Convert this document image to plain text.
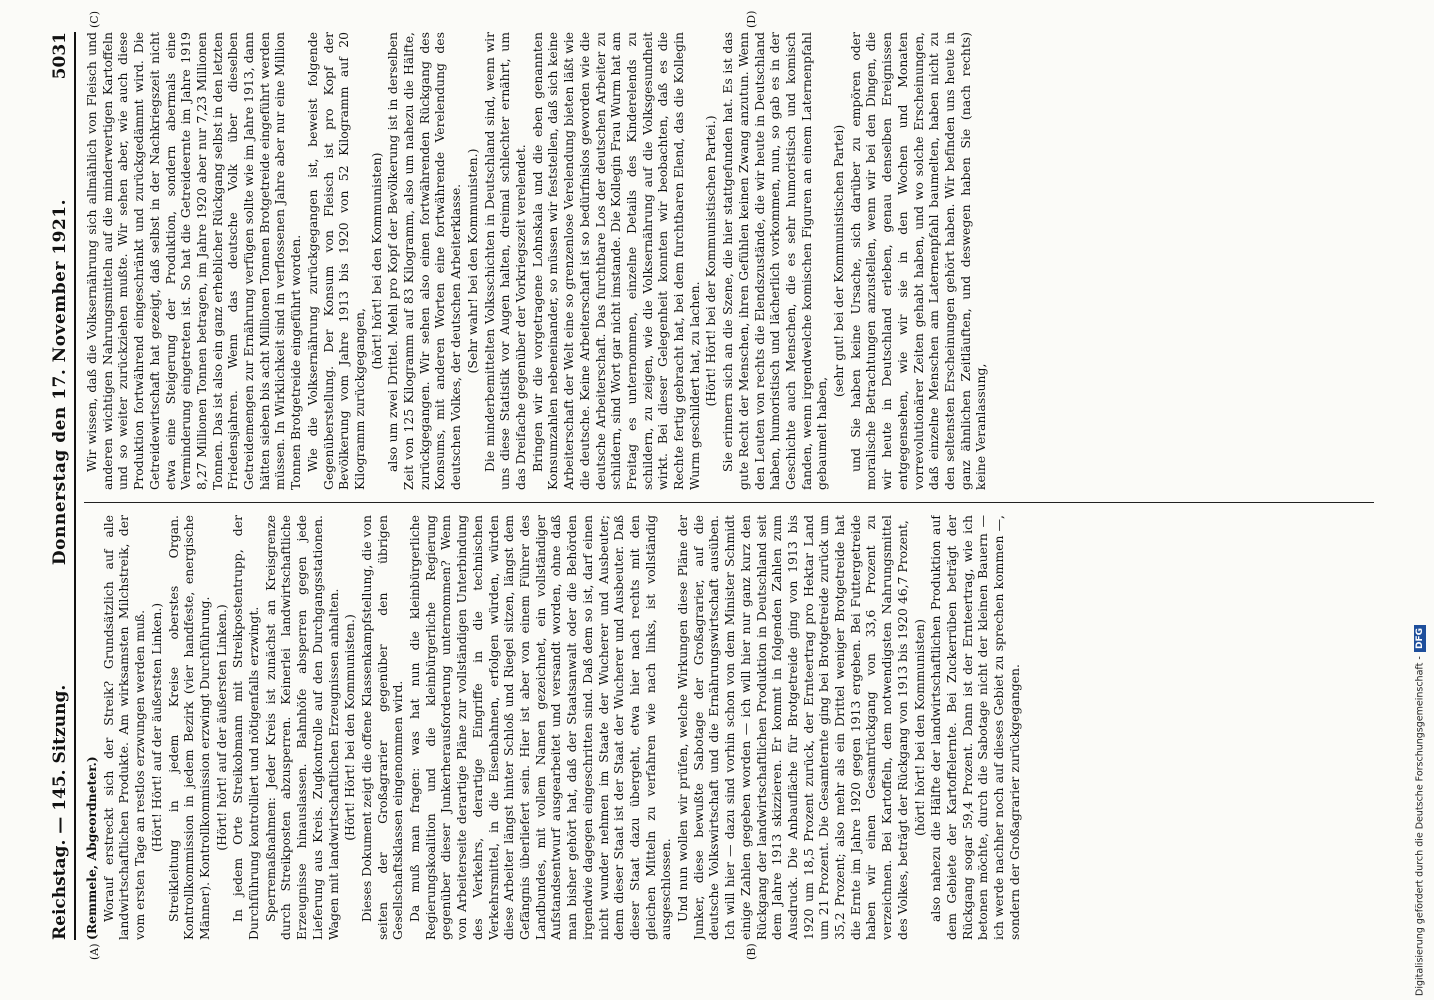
Reichstag. — 145. Sitzung.
Donnerstag den 17. November 1921.
5031
(A)	(B)
(C)	(D)

(Remmele, Abgeordneter.) Worauf erstreckt sich der Streik? Grundsätzlich auf alle landwirtschaftlichen Produkte. Am wirksamsten Milchstreik, der vom ersten Tage an restlos erzwungen werden muß. (Hört! Hört! auf der äußersten Linken.) Streikleitung in jedem Kreise oberstes Organ. Kontrollkommission in jedem Bezirk (vier handfeste, energische Männer). Kontrollkommission erzwingt Durchführung. (Hört! hört! auf der äußersten Linken.) In jedem Orte Streikobmann mit Streikpostentrupp, der Durchführung kontrolliert und nötigenfalls erzwingt. Sperremaßnahmen: Jeder Kreis ist zunächst an Kreisgrenze durch Streikposten abzusperren. Keinerlei landwirtschaftliche Erzeugnisse hinauslassen. Bahnhöfe absperren gegen jede Lieferung aus Kreis. Zugkontrolle auf den Durchgangsstationen. Wagen mit landwirtschaftlichen Erzeugnissen anhalten. (Hört! Hört! bei den Kommunisten.) Dieses Dokument zeigt die offene Klassenkampfstellung, die von seiten der Großagrarier gegenüber den übrigen Gesellschaftsklassen eingenommen wird. Da muß man fragen: was hat nun die kleinbürgerliche Regierungskoalition und die kleinbürgerliche Regierung gegenüber dieser Junkerherausforderung unternommen? Wenn von Arbeiterseite derartige Pläne zur vollständigen Unterbindung des Verkehrs, derartige Eingriffe in die technischen Verkehrsmittel, in die Eisenbahnen, erfolgen würden, würden diese Arbeiter längst hinter Schloß und Riegel sitzen, längst dem Gefängnis überliefert sein. Hier ist aber von einem Führer des Landbundes, mit vollem Namen gezeichnet, ein vollständiger Aufstandsentwurf ausgearbeitet und versandt worden, ohne daß man bisher gehört hat, daß der Staatsanwalt oder die Behörden irgendwie dagegen eingeschritten sind. Daß dem so ist, darf einen nicht wunder nehmen im Staate der Wucherer und Ausbeuter; denn dieser Staat ist der Staat der Wucherer und Ausbeuter. Daß dieser Staat dazu übergeht, etwa hier nach rechts mit den gleichen Mitteln zu verfahren wie nach links, ist vollständig ausgeschlossen. Und nun wollen wir prüfen, welche Wirkungen diese Pläne der Junker, diese bewußte Sabotage der Großagrarier, auf die deutsche Volkswirtschaft und die Ernährungswirtschaft ausüben. Ich will hier — dazu sind vorhin schon von dem Minister Schmidt einige Zahlen gegeben worden — ich will hier nur ganz kurz den Rückgang der landwirtschaftlichen Produktion in Deutschland seit dem Jahre 1913 skizzieren. Er kommt in folgenden Zahlen zum Ausdruck. Die Anbaufläche für Brotgetreide ging von 1913 bis 1920 um 18,5 Prozent zurück, der Ernteertrag pro Hektar Land um 21 Prozent. Die Gesamternte ging bei Brotgetreide zurück um 35,2 Prozent; also mehr als ein Drittel weniger Brotgetreide hat die Ernte im Jahre 1920 gegen 1913 ergeben. Bei Futtergetreide haben wir einen Gesamtrückgang von 33,6 Prozent zu verzeichnen. Bei Kartoffeln, dem notwendigsten Nahrungsmittel des Volkes, beträgt der Rückgang von 1913 bis 1920 46,7 Prozent, (hört! hört! bei den Kommunisten) also nahezu die Hälfte der landwirtschaftlichen Produktion auf dem Gebiete der Kartoffelernte. Bei Zuckerrüben beträgt der Rückgang sogar 59,4 Prozent. Dann ist der Ernteertrag, wie ich betonen möchte, durch die Sabotage nicht der kleinen Bauern — ich werde nachher noch auf dieses Gebiet zu sprechen kommen —, sondern der Großagrarier zurückgegangen.

Wir wissen, daß die Volksernährung sich allmählich von Fleisch und anderen wichtigen Nahrungsmitteln auf die minderwertigen Kartoffeln und so weiter zurückziehen mußte. Wir sehen aber, wie auch diese Produktion fortwährend eingeschränkt und zurückgedämmt wird. Die Getreidewirtschaft hat gezeigt, daß selbst in der Nachkriegszeit nicht etwa eine Steigerung der Produktion, sondern abermals eine Verminderung eingetreten ist. So hat die Getreideernte im Jahre 1919 8,27 Millionen Tonnen betragen, im Jahre 1920 aber nur 7,23 Millionen Tonnen. Das ist also ein ganz erheblicher Rückgang selbst in den letzten Friedensjahren. Wenn das deutsche Volk über dieselben Getreidemengen zur Ernährung verfügen sollte wie im Jahre 1913, dann hätten sieben bis acht Millionen Tonnen Brotgetreide eingeführt werden müssen. In Wirklichkeit sind in verflossenen Jahre aber nur eine Million Tonnen Brotgetreide eingeführt worden. Wie die Volksernährung zurückgegangen ist, beweist folgende Gegenüberstellung. Der Konsum von Fleisch ist pro Kopf der Bevölkerung vom Jahre 1913 bis 1920 von 52 Kilogramm auf 20 Kilogramm zurückgegangen,

(hört! hört! bei den Kommunisten) also um zwei Drittel. Mehl pro Kopf der Bevölkerung ist in derselben Zeit von 125 Kilogramm auf 83 Kilogramm, also um nahezu die Hälfte, zurückgegangen. Wir sehen also einen fortwährenden Rückgang des Konsums, mit anderen Worten eine fortwährende Verelendung des deutschen Volkes, der deutschen Arbeiterklasse. (Sehr wahr! bei den Kommunisten.) Die minderbemittelten Volksschichten in Deutschland sind, wenn wir uns diese Statistik vor Augen halten, dreimal schlechter ernährt, um das Dreifache gegenüber der Vorkriegszeit verelendet. Bringen wir die vorgetragene Lohnskala und die eben genannten Konsumzahlen nebeneinander, so müssen wir feststellen, daß sich keine Arbeiterschaft der Welt eine so grenzenlose Verelendung bieten läßt wie die deutsche. Keine Arbeiterschaft ist so bedürfnislos geworden wie die deutsche Arbeiterschaft. Das furchtbare Los der deutschen Arbeiter zu schildern, sind Wort gar nicht imstande. Die Kollegin Frau Wurm hat am Freitag es unternommen, einzelne Details des Kinderelends zu schildern, zu zeigen, wie die Volksernährung auf die Volksgesundheit wirkt. Bei dieser Gelegenheit konnten wir beobachten, daß es die Rechte fertig gebracht hat, bei dem furchtbaren Elend, das die Kollegin Wurm geschildert hat, zu lachen. (Hört! Hört! bei der Kommunistischen Partei.) Sie erinnern sich an die Szene, die hier stattgefunden hat. Es ist das gute Recht der Menschen, ihren Gefühlen keinen Zwang anzutun. Wenn den Leuten von rechts die Elendszustände, die wir heute in Deutschland haben, humoristisch und lächerlich vorkommen, nun, so gab es in der Geschichte auch Menschen, die es sehr humoristisch und komisch fanden, wenn irgendwelche komischen Figuren an einem Laternenpfahl gebaumelt haben,

(sehr gut! bei der Kommunistischen Partei) und Sie haben keine Ursache, sich darüber zu empören oder moralische Betrachtungen anzustellen, wenn wir bei den Dingen, die wir heute in Deutschland erleben, genau denselben Ereignissen entgegensehen, wie wir sie in den Wochen und Monaten vorrevolutionärer Zeiten gehabt haben, und wo solche Erscheinungen, daß einzelne Menschen am Laternenpfahl baumelten, haben nicht zu den seltensten Erscheinungen gehört haben. Wir befinden uns heute in ganz ähnlichen Zeitläuften, und deswegen haben Sie (nach rechts) keine Veranlassung,

Digitalisierung gefördert durch die Deutsche Forschungsgemeinschaft -
DFG
